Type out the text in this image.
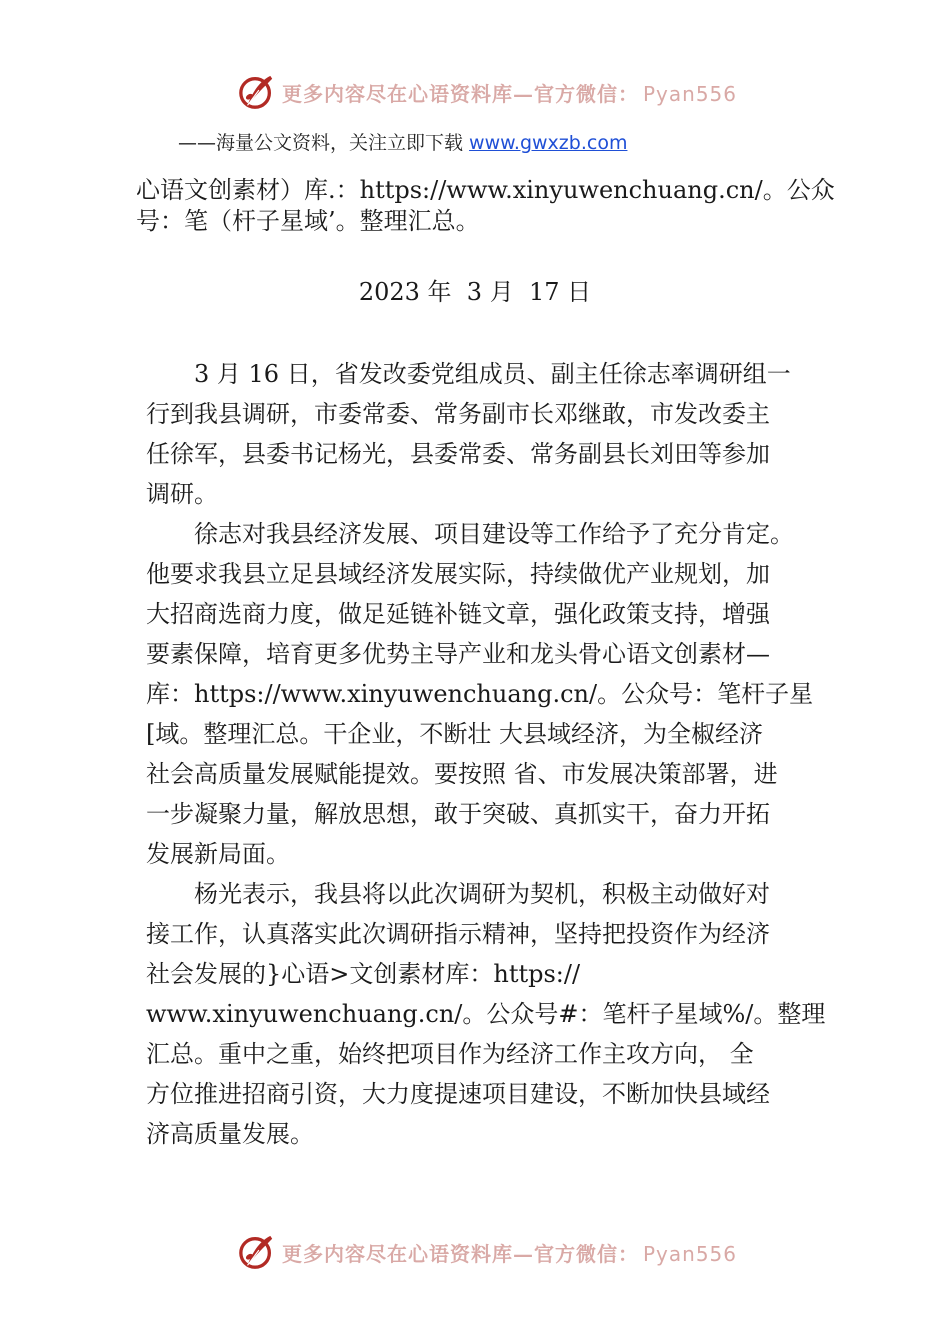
更多内容尽在心语资料库—官方微信： Pyan556
——海量公文资料，关注立即下载 www.gwxzb.com
心语文创素材）库.：https://www.xinyuwenchuang.cn/。公众
号：笔（杆子星域’。整理汇总。
2023 年  3 月  17 日
3 月 16 日，省发改委党组成员、副主任徐志率调研组一
行到我县调研，市委常委、常务副市长邓继敢，市发改委主
任徐军，县委书记杨光，县委常委、常务副县长刘田等参加
调研。
徐志对我县经济发展、项目建设等工作给予了充分肯定。
他要求我县立足县域经济发展实际，持续做优产业规划，加
大招商选商力度，做足延链补链文章，强化政策支持，增强
要素保障，培育更多优势主导产业和龙头骨心语文创素材—
库：https://www.xinyuwenchuang.cn/。公众号：笔杆子星
[域。整理汇总。干企业，不断壮 大县域经济，为全椒经济
社会高质量发展赋能提效。要按照 省、市发展决策部署，进
一步凝聚力量，解放思想，敢于突破、真抓实干，奋力开拓
发展新局面。
杨光表示，我县将以此次调研为契机，积极主动做好对
接工作，认真落实此次调研指示精神，坚持把投资作为经济
社会发展的}心语>文创素材库：https://
www.xinyuwenchuang.cn/。公众号#：笔杆子星域%/。整理
汇总。重中之重，始终把项目作为经济工作主攻方向， 全
方位推进招商引资，大力度提速项目建设，不断加快县域经
济高质量发展。
更多内容尽在心语资料库—官方微信： Pyan556
